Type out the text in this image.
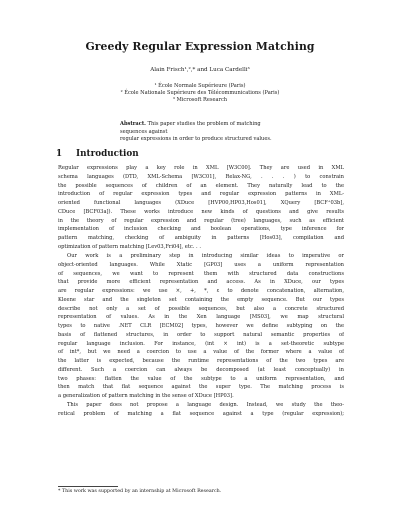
Greedy Regular Expression Matching
Alain Frisch¹,²,* and Luca Cardelli³
¹ École Normale Supérieure (Paris)
² École Nationale Supérieure des Télécommunications (Paris)
³ Microsoft Research
Abstract. This paper studies the problem of matching sequences against
regular expressions in order to produce structured values.
1 Introduction

Regular expressions play a key role in XML [W3C00]. They are used in XML

schema languages (DTD, XML-Schema [W3C01], Relax-NG, . . . ) to constrain

the possible sequences of children of an element. They naturally lead to the

introduction of regular expression types and regular expression patterns in XML-

oriented functional languages (XDuce [HVP00,HP03,Hos01], XQuery [BCF⁺03b],

CDuce [BCF03a]). These works introduce new kinds of questions and give results

in the theory of regular expression and regular (tree) languages, such as efficient

implementation of inclusion checking and boolean operations, type inference for

pattern matching, checking of ambiguity in patterns [Hos03], compilation and

optimization of pattern matching [Lev03,Fri04], etc. . .

Our work is a preliminary step in introducing similar ideas to imperative or

object-oriented languages. While Xtatic [GP03] uses a uniform representation

of sequences, we want to represent them with structured data constructions

that provide more efficient representation and access. As in XDuce, our types

are regular expressions: we use ×, +, *, ε to denote concatenation, alternation,

Kleene star and the singleton set containing the empty sequence. But our types

describe not only a set of possible sequences, but also a concrete structured

representation of values. As in the Xen language [MS03], we map structural

types to native .NET CLR [ECM02] types, however we define subtyping on the

basis of flattened structures, in order to support natural semantic properties of

regular language inclusion. For instance, (int × int) is a set-theoretic subtype

of int*, but we need a coercion to use a value of the former where a value of

the latter is expected, because the runtime representations of the two types are

different. Such a coercion can always be decomposed (at least conceptually) in

two phases: flatten the value of the subtype to a uniform representation, and

then match that flat sequence against the super type. The matching process is

a generalization of pattern matching in the sense of XDuce [HP03].

This paper does not propose a language design. Instead, we study the theo-

retical problem of matching a flat sequence against a type (regular expression);

* This work was supported by an internship at Microsoft Research.
